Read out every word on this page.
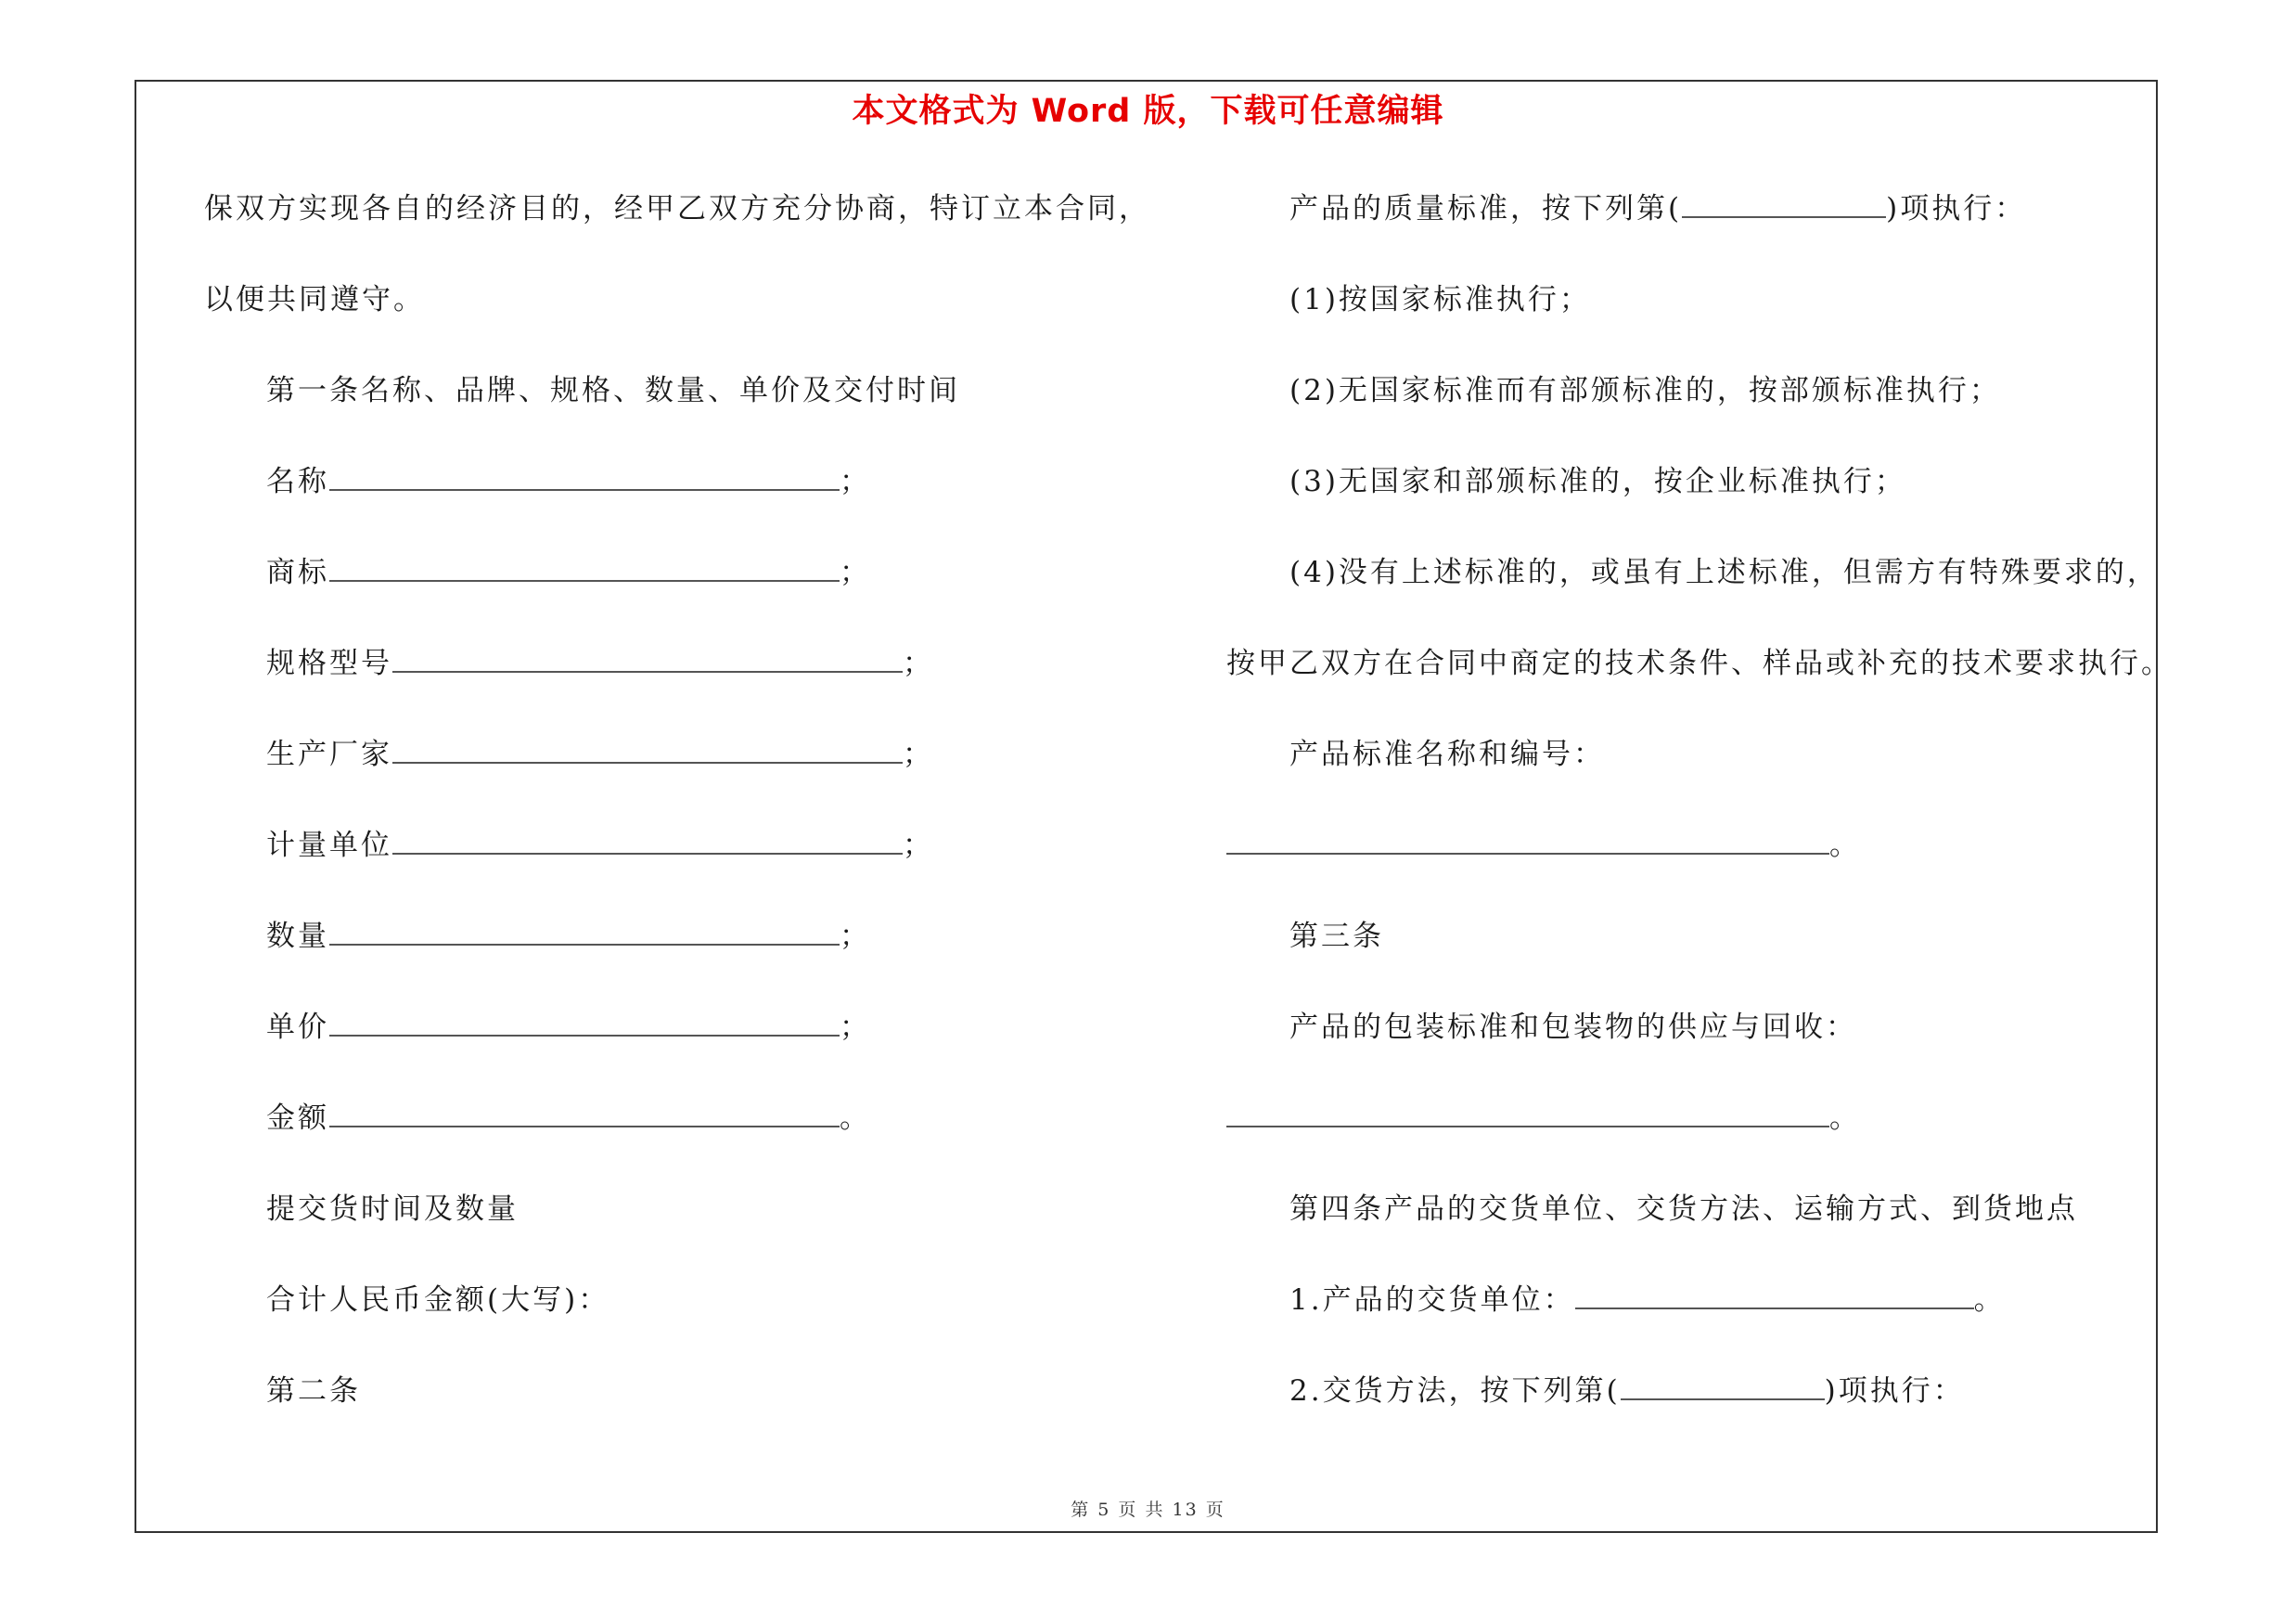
本文格式为 Word 版，下载可任意编辑
保双方实现各自的经济目的，经甲乙双方充分协商，特订立本合同，
以便共同遵守。
第一条名称、品牌、规格、数量、单价及交付时间
名称	；
商标	；
规格型号	；
生产厂家	；
计量单位	；
数量	；
单价	；
金额	。
提交货时间及数量
合计人民币金额(大写)：
第二条
产品的质量标准，按下列第(	)项执行：
(1)按国家标准执行；
(2)无国家标准而有部颁标准的，按部颁标准执行；
(3)无国家和部颁标准的，按企业标准执行；
(4)没有上述标准的，或虽有上述标准，但需方有特殊要求的，
按甲乙双方在合同中商定的技术条件、样品或补充的技术要求执行。
产品标准名称和编号：
。
第三条
产品的包装标准和包装物的供应与回收：
。
第四条产品的交货单位、交货方法、运输方式、到货地点
1.产品的交货单位：	。
2.交货方法，按下列第(	)项执行：
第 5 页 共 13 页
